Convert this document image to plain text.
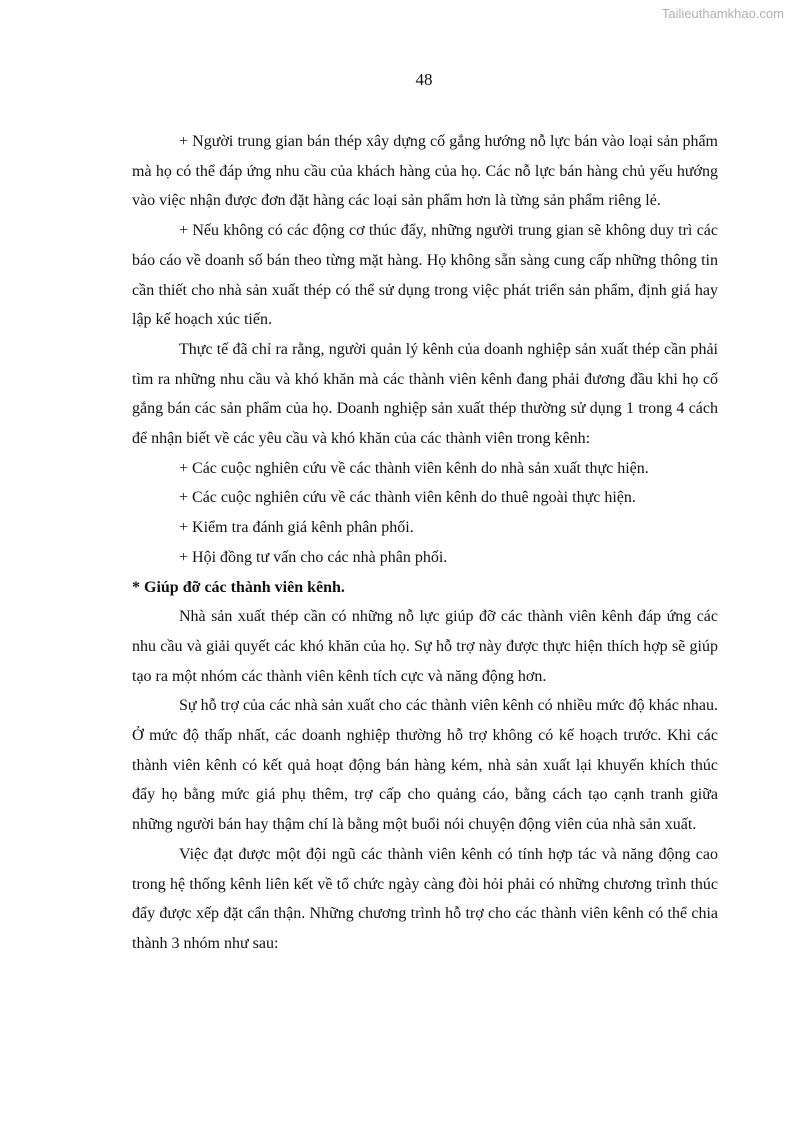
Tailieuthamkhao.com
48

+ Người trung gian bán thép xây dựng cố gắng hướng nỗ lực bán vào loại sản phẩm mà họ có thể đáp ứng nhu cầu của khách hàng của họ. Các nỗ lực bán hàng chủ yếu hướng vào việc nhận được đơn đặt hàng các loại sản phẩm hơn là từng sản phẩm riêng lẻ.

+ Nếu không có các động cơ thúc đẩy, những người trung gian sẽ không duy trì các báo cáo về doanh số bán theo từng mặt hàng. Họ không sẵn sàng cung cấp những thông tin cần thiết cho nhà sản xuất thép có thể sử dụng trong việc phát triển sản phẩm, định giá hay lập kế hoạch xúc tiến.

Thực tế đã chỉ ra rằng, người quản lý kênh của doanh nghiệp sản xuất thép cần phải tìm ra những nhu cầu và khó khăn mà các thành viên kênh đang phải đương đầu khi họ cố gắng bán các sản phẩm của họ. Doanh nghiệp sản xuất thép thường sử dụng 1 trong 4 cách để nhận biết về các yêu cầu và khó khăn của các thành viên trong kênh:

+ Các cuộc nghiên cứu về các thành viên kênh do nhà sản xuất thực hiện.

+ Các cuộc nghiên cứu về các thành viên kênh do thuê ngoài thực hiện.

+ Kiểm tra đánh giá kênh phân phối.

+ Hội đồng tư vấn cho các nhà phân phối.

* Giúp đỡ các thành viên kênh.

Nhà sản xuất thép cần có những nỗ lực giúp đỡ các thành viên kênh đáp ứng các nhu cầu và giải quyết các khó khăn của họ. Sự hỗ trợ này được thực hiện thích hợp sẽ giúp tạo ra một nhóm các thành viên kênh tích cực và năng động hơn.

Sự hỗ trợ của các nhà sản xuất cho các thành viên kênh có nhiều mức độ khác nhau. Ở mức độ thấp nhất, các doanh nghiệp thường hỗ trợ không có kế hoạch trước. Khi các thành viên kênh có kết quả hoạt động bán hàng kém, nhà sản xuất lại khuyến khích thúc đẩy họ bằng mức giá phụ thêm, trợ cấp cho quảng cáo, bằng cách tạo cạnh tranh giữa những người bán hay thậm chí là bằng một buổi nói chuyện động viên của nhà sản xuất.

Việc đạt được một đội ngũ các thành viên kênh có tính hợp tác và năng động cao trong hệ thống kênh liên kết về tổ chức ngày càng đòi hỏi phải có những chương trình thúc đẩy được xếp đặt cẩn thận. Những chương trình hỗ trợ cho các thành viên kênh có thể chia thành 3 nhóm như sau:
